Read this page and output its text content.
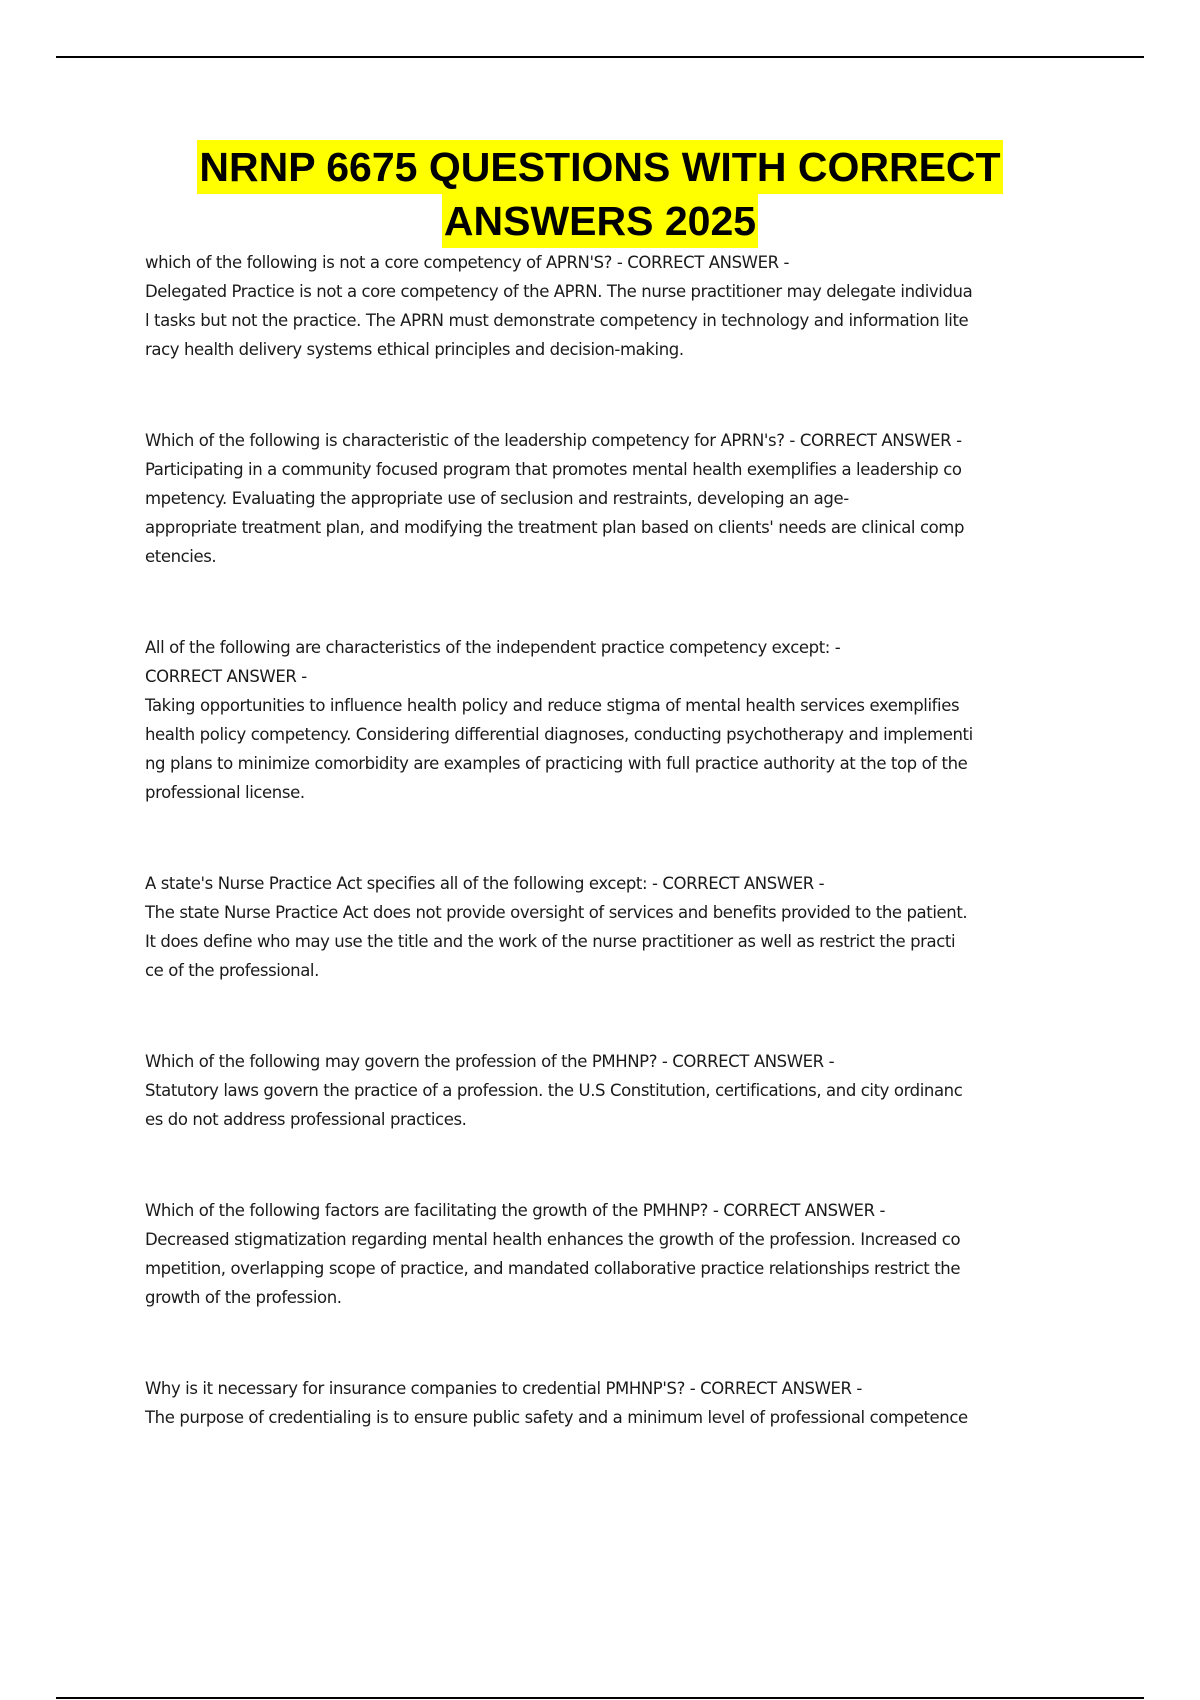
NRNP 6675 QUESTIONS WITH CORRECT
ANSWERS 2025

which of the following is not a core competency of APRN'S? - CORRECT ANSWER -

Delegated Practice is not a core competency of the APRN. The nurse practitioner may delegate individua

l tasks but not the practice. The APRN must demonstrate competency in technology and information lite

racy health delivery systems ethical principles and decision-making.

Which of the following is characteristic of the leadership competency for APRN's? - CORRECT ANSWER -

Participating in a community focused program that promotes mental health exemplifies a leadership co

mpetency. Evaluating the appropriate use of seclusion and restraints, developing an age-

appropriate treatment plan, and modifying the treatment plan based on clients' needs are clinical comp

etencies.

All of the following are characteristics of the independent practice competency except: -

CORRECT ANSWER -

Taking opportunities to influence health policy and reduce stigma of mental health services exemplifies

health policy competency. Considering differential diagnoses, conducting psychotherapy and implementi

ng plans to minimize comorbidity are examples of practicing with full practice authority at the top of the

professional license.

A state's Nurse Practice Act specifies all of the following except: - CORRECT ANSWER -

The state Nurse Practice Act does not provide oversight of services and benefits provided to the patient.

It does define who may use the title and the work of the nurse practitioner as well as restrict the practi

ce of the professional.

Which of the following may govern the profession of the PMHNP? - CORRECT ANSWER -

Statutory laws govern the practice of a profession. the U.S Constitution, certifications, and city ordinanc

es do not address professional practices.

Which of the following factors are facilitating the growth of the PMHNP? - CORRECT ANSWER -

Decreased stigmatization regarding mental health enhances the growth of the profession. Increased co

mpetition, overlapping scope of practice, and mandated collaborative practice relationships restrict the

growth of the profession.

Why is it necessary for insurance companies to credential PMHNP'S? - CORRECT ANSWER -

The purpose of credentialing is to ensure public safety and a minimum level of professional competence
